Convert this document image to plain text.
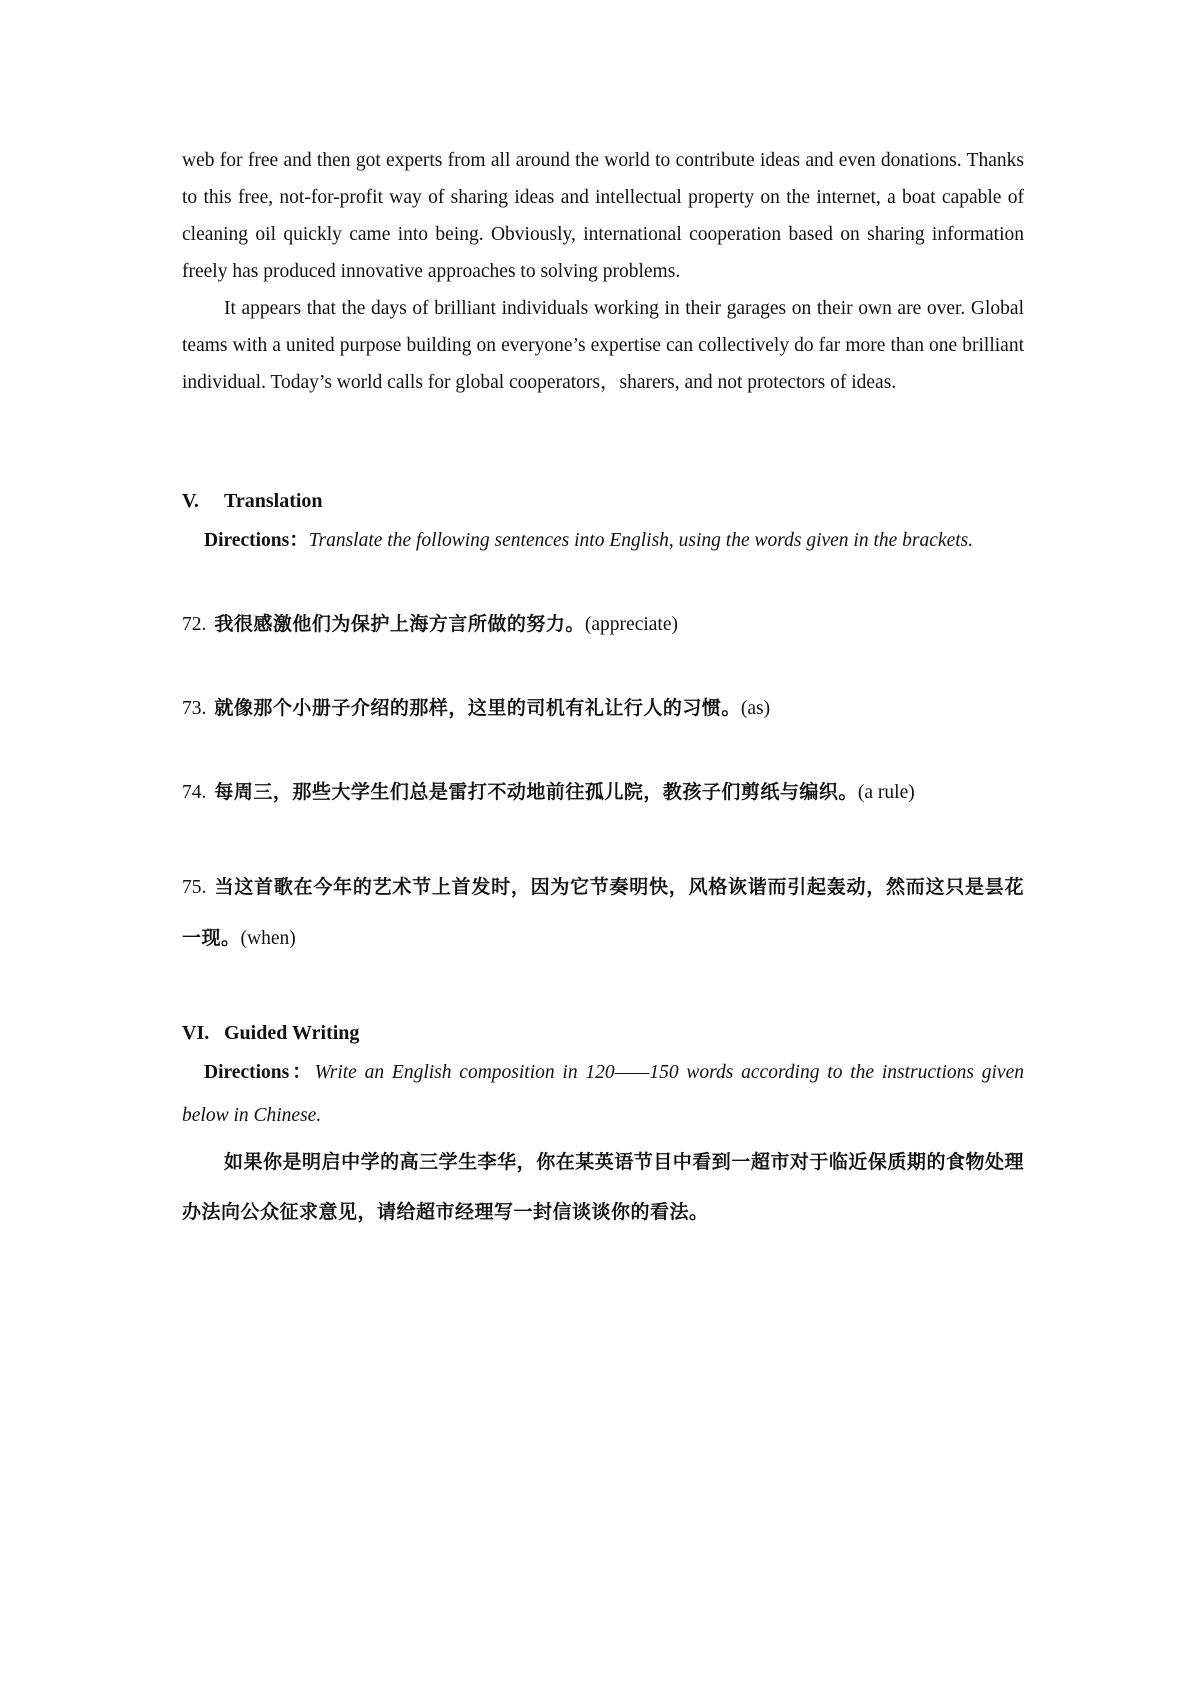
web for free and then got experts from all around the world to contribute ideas and even donations. Thanks to this free, not-for-profit way of sharing ideas and intellectual property on the internet, a boat capable of cleaning oil quickly came into being. Obviously, international cooperation based on sharing information freely has produced innovative approaches to solving problems.

It appears that the days of brilliant individuals working in their garages on their own are over. Global teams with a united purpose building on everyone’s expertise can collectively do far more than one brilliant individual. Today’s world calls for global cooperators，sharers, and not protectors of ideas.

V. Translation

Directions：Translate the following sentences into English, using the words given in the brackets.

72. 我很感激他们为保护上海方言所做的努力。(appreciate)

73. 就像那个小册子介绍的那样，这里的司机有礼让行人的习惯。(as)

74. 每周三，那些大学生们总是雷打不动地前往孤儿院，教孩子们剪纸与编织。(a rule)

75. 当这首歌在今年的艺术节上首发时，因为它节奏明快，风格诙谐而引起轰动，然而这只是昙花一现。(when)

VI. Guided Writing

Directions：Write an English composition in 120——150 words according to the instructions given below in Chinese.

如果你是明启中学的高三学生李华，你在某英语节目中看到一超市对于临近保质期的食物处理办法向公众征求意见，请给超市经理写一封信谈谈你的看法。
